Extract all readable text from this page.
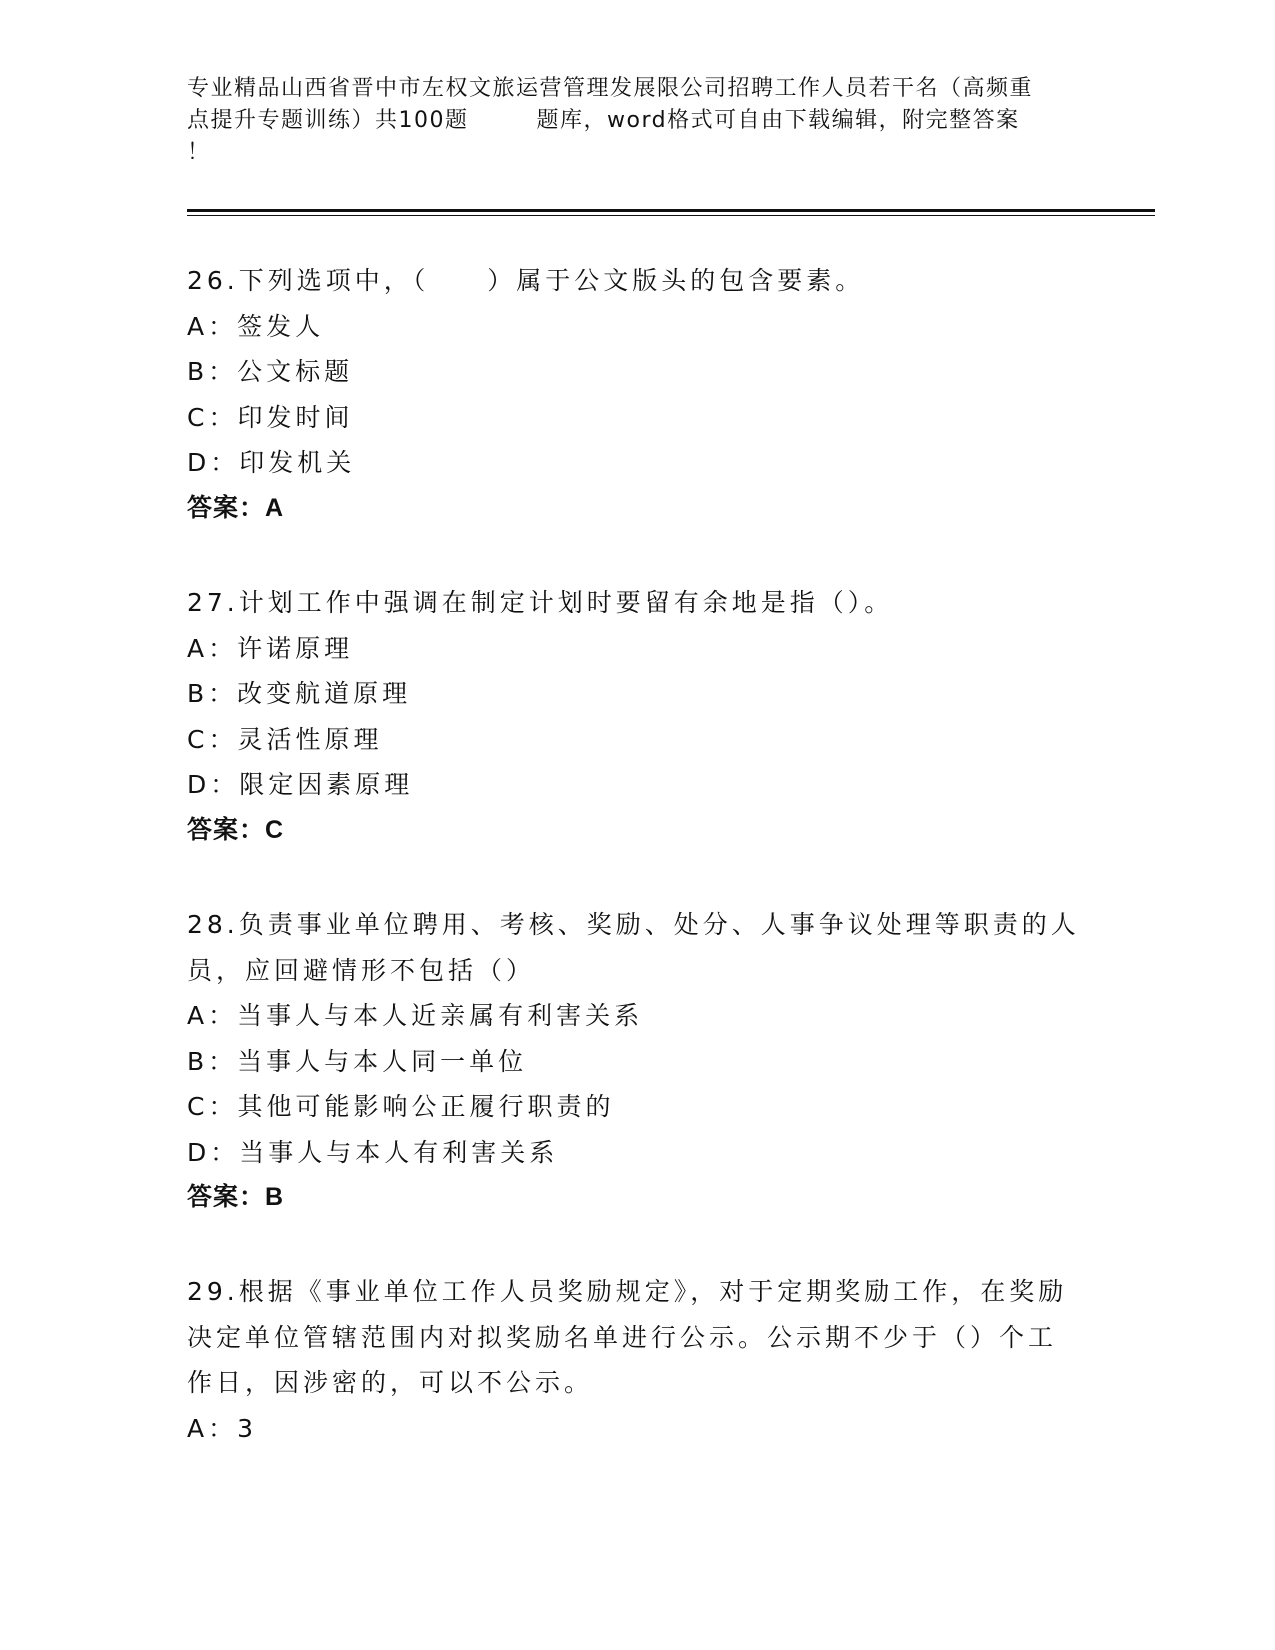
专业精品山西省晋中市左权文旅运营管理发展限公司招聘工作人员若干名（高频重
点提升专题训练）共100题	题库，word格式可自由下载编辑，附完整答案
！
26.下列选项中，（　　）属于公文版头的包含要素。
A：签发人
B：公文标题
C：印发时间
D：印发机关
答案：A
27.计划工作中强调在制定计划时要留有余地是指（）。
A：许诺原理
B：改变航道原理
C：灵活性原理
D：限定因素原理
答案：C
28.负责事业单位聘用、考核、奖励、处分、人事争议处理等职责的人
员，应回避情形不包括（）
A：当事人与本人近亲属有利害关系
B：当事人与本人同一单位
C：其他可能影响公正履行职责的
D：当事人与本人有利害关系
答案：B
29.根据《事业单位工作人员奖励规定》，对于定期奖励工作，在奖励
决定单位管辖范围内对拟奖励名单进行公示。公示期不少于（）个工
作日，因涉密的，可以不公示。
A：3
